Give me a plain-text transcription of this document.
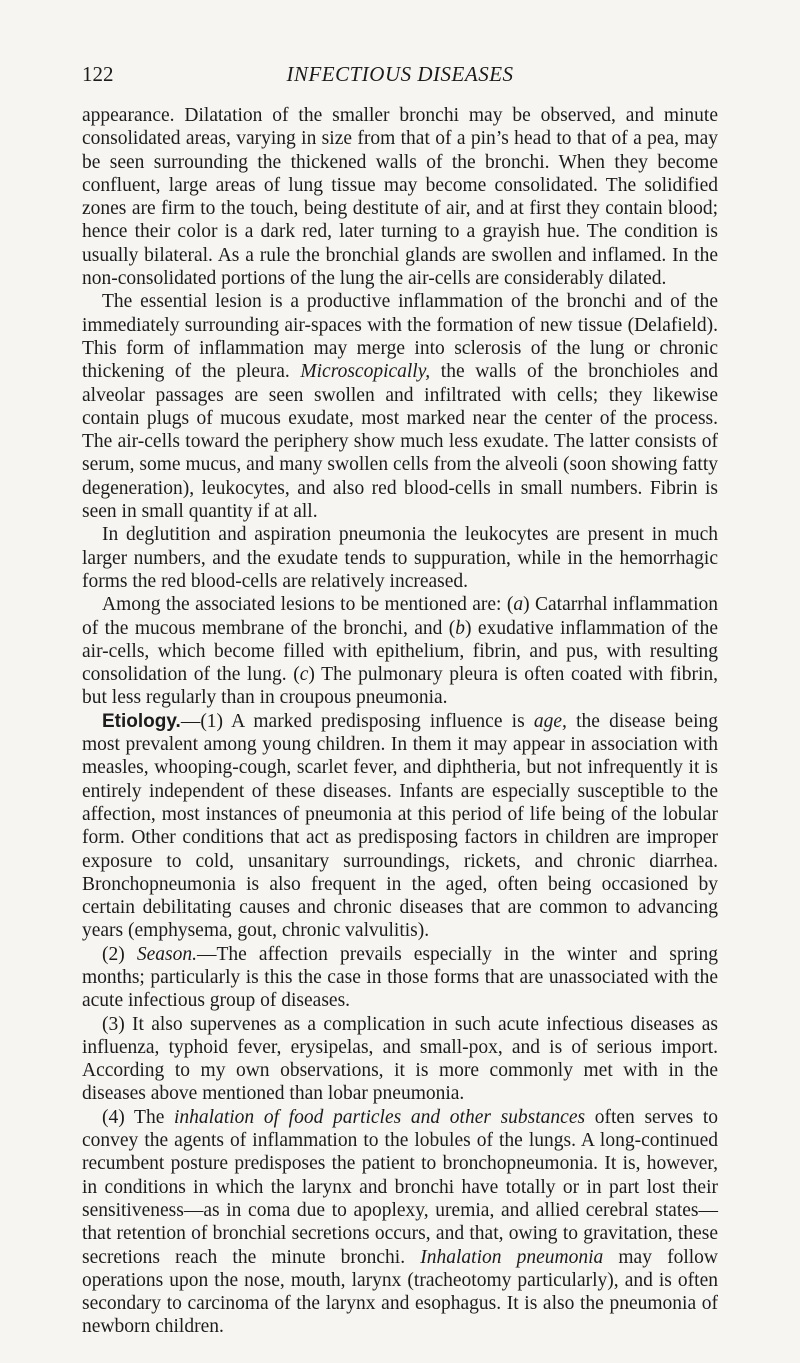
122	INFECTIOUS DISEASES

appearance. Dilatation of the smaller bronchi may be observed, and minute consolidated areas, varying in size from that of a pin’s head to that of a pea, may be seen surrounding the thickened walls of the bronchi. When they become confluent, large areas of lung tissue may become consolidated. The solidified zones are firm to the touch, being destitute of air, and at first they contain blood; hence their color is a dark red, later turning to a grayish hue. The condition is usually bilateral. As a rule the bronchial glands are swollen and inflamed. In the non-consolidated portions of the lung the air-cells are considerably dilated.

The essential lesion is a productive inflammation of the bronchi and of the immediately surrounding air-spaces with the formation of new tissue (Delafield). This form of inflammation may merge into sclerosis of the lung or chronic thickening of the pleura. Microscopically, the walls of the bronchioles and alveolar passages are seen swollen and infiltrated with cells; they likewise contain plugs of mucous exudate, most marked near the center of the process. The air-cells toward the periphery show much less exudate. The latter consists of serum, some mucus, and many swollen cells from the alveoli (soon showing fatty degeneration), leukocytes, and also red blood-cells in small numbers. Fibrin is seen in small quantity if at all.

In deglutition and aspiration pneumonia the leukocytes are present in much larger numbers, and the exudate tends to suppuration, while in the hemorrhagic forms the red blood-cells are relatively increased.

Among the associated lesions to be mentioned are: (a) Catarrhal inflammation of the mucous membrane of the bronchi, and (b) exudative inflammation of the air-cells, which become filled with epithelium, fibrin, and pus, with resulting consolidation of the lung. (c) The pulmonary pleura is often coated with fibrin, but less regularly than in croupous pneumonia.

Etiology.—(1) A marked predisposing influence is age, the disease being most prevalent among young children. In them it may appear in association with measles, whooping-cough, scarlet fever, and diphtheria, but not infrequently it is entirely independent of these diseases. Infants are especially susceptible to the affection, most instances of pneumonia at this period of life being of the lobular form. Other conditions that act as predisposing factors in children are improper exposure to cold, unsanitary surroundings, rickets, and chronic diarrhea. Bronchopneumonia is also frequent in the aged, often being occasioned by certain debilitating causes and chronic diseases that are common to advancing years (emphysema, gout, chronic valvulitis).

(2) Season.—The affection prevails especially in the winter and spring months; particularly is this the case in those forms that are unassociated with the acute infectious group of diseases.

(3) It also supervenes as a complication in such acute infectious diseases as influenza, typhoid fever, erysipelas, and small-pox, and is of serious import. According to my own observations, it is more commonly met with in the diseases above mentioned than lobar pneumonia.

(4) The inhalation of food particles and other substances often serves to convey the agents of inflammation to the lobules of the lungs. A long-continued recumbent posture predisposes the patient to bronchopneumonia. It is, however, in conditions in which the larynx and bronchi have totally or in part lost their sensitiveness—as in coma due to apoplexy, uremia, and allied cerebral states—that retention of bronchial secretions occurs, and that, owing to gravitation, these secretions reach the minute bronchi. Inhalation pneumonia may follow operations upon the nose, mouth, larynx (tracheotomy particularly), and is often secondary to carcinoma of the larynx and esophagus. It is also the pneumonia of newborn children.
